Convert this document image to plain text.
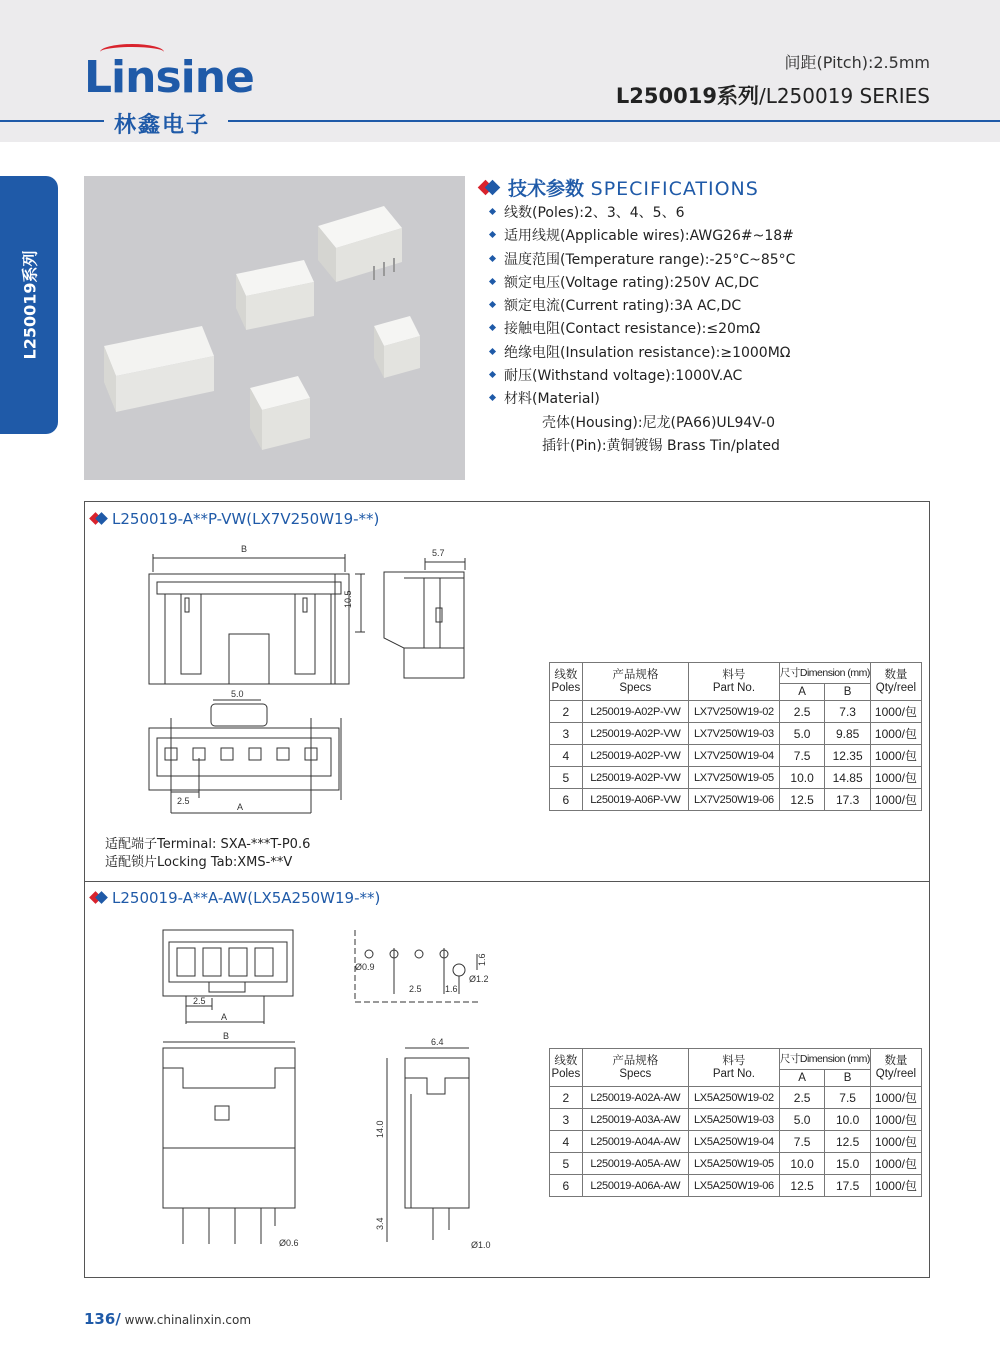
Linsine
林鑫电子
间距(Pitch):2.5mm
L250019系列/L250019 SERIES
L250019系列
技术参数 SPECIFICATIONS
线数(Poles):2、3、4、5、6
适用线规(Applicable wires):AWG26#~18#
温度范围(Temperature range):-25°C~85°C
额定电压(Voltage rating):250V AC,DC
额定电流(Current rating):3A AC,DC
接触电阻(Contact resistance):≤20mΩ
绝缘电阻(Insulation resistance):≥1000MΩ
耐压(Withstand voltage):1000V.AC
材料(Material)
壳体(Housing):尼龙(PA66)UL94V-0
插针(Pin):黄铜镀锡 Brass Tin/plated
L250019-A**P-VW(LX7V250W19-**)
B
10.5
5.7
5.0
2.5
A
适配端子Terminal: SXA-***T-P0.6
适配锁片Locking Tab:XMS-**V
线数
Poles	产品规格
Specs	料号
Part No.	尺寸Dimension (mm)		数量
Qty/reel
			A	B	
2	L250019-A02P-VW	LX7V250W19-02	2.5	7.3	1000/包
3	L250019-A02P-VW	LX7V250W19-03	5.0	9.85	1000/包
4	L250019-A02P-VW	LX7V250W19-04	7.5	12.35	1000/包
5	L250019-A02P-VW	LX7V250W19-05	10.0	14.85	1000/包
6	L250019-A06P-VW	LX7V250W19-06	12.5	17.3	1000/包
L250019-A**A-AW(LX5A250W19-**)
2.5
A
Ø0.9
Ø1.2
2.5	1.6
1.6
B
Ø0.6
6.4
14.0
3.4
Ø1.0
线数
Poles	产品规格
Specs	料号
Part No.	尺寸Dimension (mm)		数量
Qty/reel
			A	B	
2	L250019-A02A-AW	LX5A250W19-02	2.5	7.5	1000/包
3	L250019-A03A-AW	LX5A250W19-03	5.0	10.0	1000/包
4	L250019-A04A-AW	LX5A250W19-04	7.5	12.5	1000/包
5	L250019-A05A-AW	LX5A250W19-05	10.0	15.0	1000/包
6	L250019-A06A-AW	LX5A250W19-06	12.5	17.5	1000/包
136/ www.chinalinxin.com
